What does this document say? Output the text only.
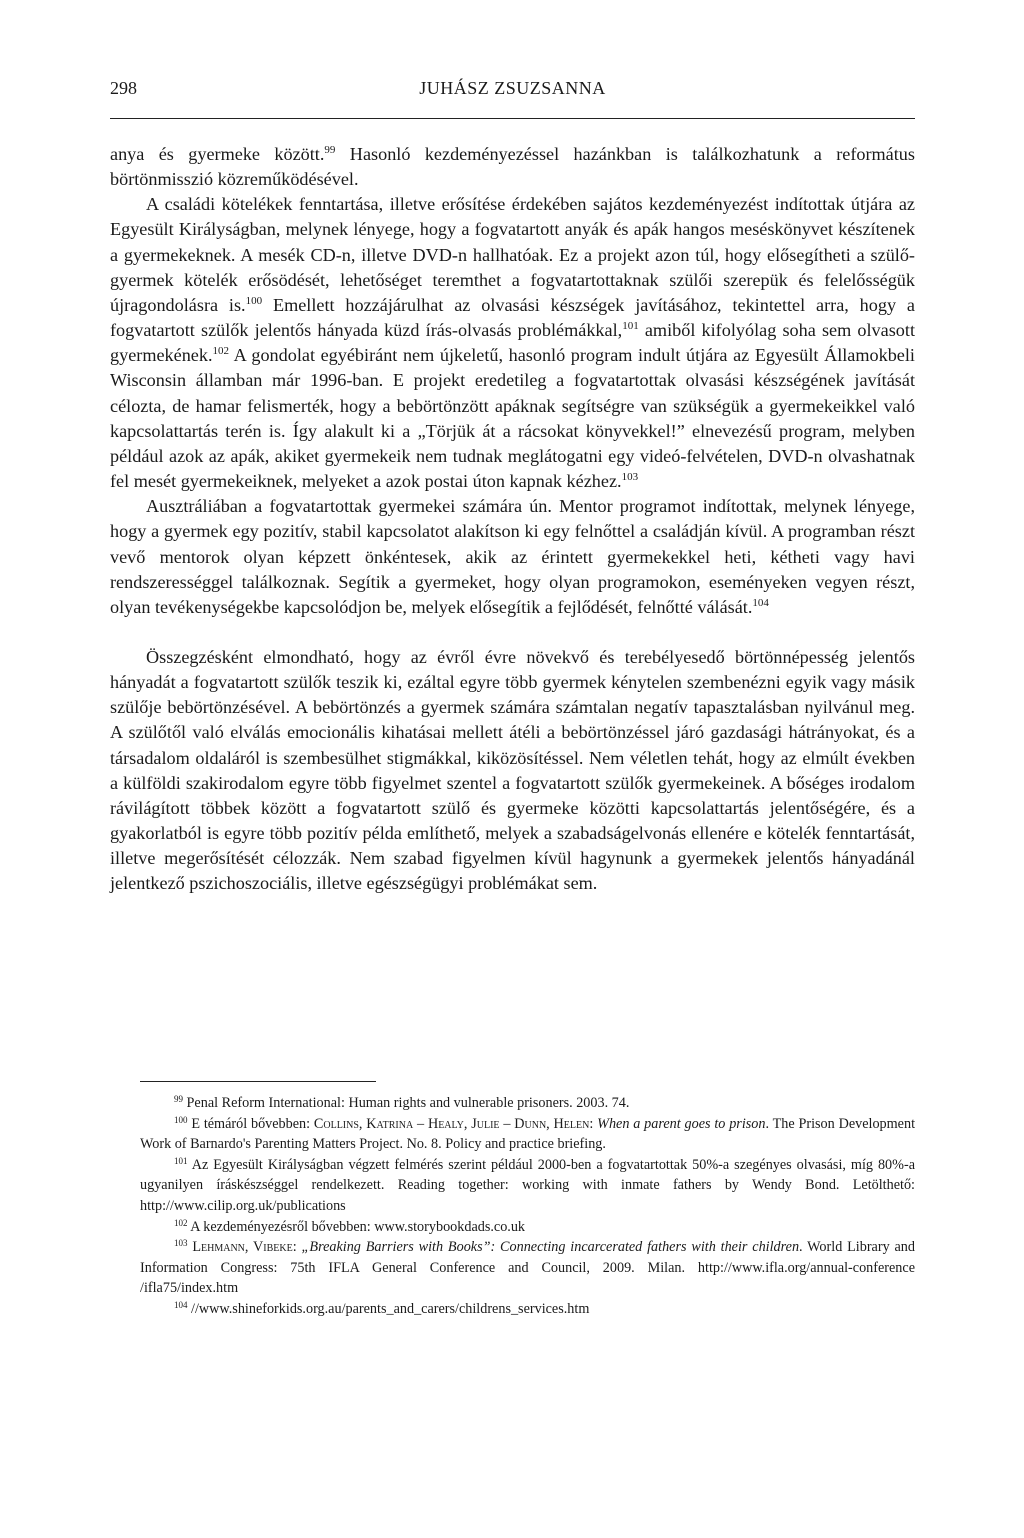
298	JUHÁSZ ZSUZSANNA

anya és gyermeke között.$^{99}$ Hasonló kezdeményezéssel hazánkban is találkozhatunk a református börtönmisszió közreműködésével.

A családi kötelékek fenntartása, illetve erősítése érdekében sajátos kezdeményezést indítottak útjára az Egyesült Királyságban, melynek lényege, hogy a fogvatartott anyák és apák hangos meséskönyvet készítenek a gyermekeknek. A mesék CD-n, illetve DVD-n hallhatóak. Ez a projekt azon túl, hogy elősegítheti a szülő-gyermek kötelék erősödését, lehetőséget teremthet a fogvatartottaknak szülői szerepük és felelősségük újragondolásra is.$^{100}$ Emellett hozzájárulhat az olvasási készségek javításához, tekintettel arra, hogy a fogvatartott szülők jelentős hányada küzd írás-olvasás problémákkal,$^{101}$ amiből kifolyólag soha sem olvasott gyermekének.$^{102}$ A gondolat egyébiránt nem újkeletű, hasonló program indult útjára az Egyesült Államokbeli Wisconsin államban már 1996-ban. E projekt eredetileg a fogvatartottak olvasási készségének javítását célozta, de hamar felismerték, hogy a bebörtönzött apáknak segítségre van szükségük a gyermekeikkel való kapcsolattartás terén is. Így alakult ki a „Törjük át a rácsokat könyvekkel!” elnevezésű program, melyben például azok az apák, akiket gyermekeik nem tudnak meglátogatni egy videó-felvételen, DVD-n olvashatnak fel mesét gyermekeiknek, melyeket a azok postai úton kapnak kézhez.$^{103}$

Ausztráliában a fogvatartottak gyermekei számára ún. Mentor programot indítottak, melynek lényege, hogy a gyermek egy pozitív, stabil kapcsolatot alakítson ki egy felnőttel a családján kívül. A programban részt vevő mentorok olyan képzett önkéntesek, akik az érintett gyermekekkel heti, kétheti vagy havi rendszerességgel találkoznak. Segítik a gyermeket, hogy olyan programokon, eseményeken vegyen részt, olyan tevékenységekbe kapcsolódjon be, melyek elősegítik a fejlődését, felnőtté válását.$^{104}$

Összegzésként elmondható, hogy az évről évre növekvő és terebélyesedő börtönnépesség jelentős hányadát a fogvatartott szülők teszik ki, ezáltal egyre több gyermek kénytelen szembenézni egyik vagy másik szülője bebörtönzésével. A bebörtönzés a gyermek számára számtalan negatív tapasztalásban nyilvánul meg. A szülőtől való elválás emocionális kihatásai mellett átéli a bebörtönzéssel járó gazdasági hátrányokat, és a társadalom oldaláról is szembesülhet stigmákkal, kiközösítéssel. Nem véletlen tehát, hogy az elmúlt években a külföldi szakirodalom egyre több figyelmet szentel a fogvatartott szülők gyermekeinek. A bőséges irodalom rávilágított többek között a fogvatartott szülő és gyermeke közötti kapcsolattartás jelentőségére, és a gyakorlatból is egyre több pozitív példa említhető, melyek a szabadságelvonás ellenére e kötelék fenntartását, illetve megerősítését célozzák. Nem szabad figyelmen kívül hagynunk a gyermekek jelentős hányadánál jelentkező pszichoszociális, illetve egészségügyi problémákat sem.

$^{99}$ Penal Reform International: Human rights and vulnerable prisoners. 2003. 74.

$^{100}$ E témáról bővebben: Collins, Katrina – Healy, Julie – Dunn, Helen: When a parent goes to prison. The Prison Development Work of Barnardo's Parenting Matters Project. No. 8. Policy and practice briefing.

$^{101}$ Az Egyesült Királyságban végzett felmérés szerint például 2000-ben a fogvatartottak 50%-a szegényes olvasási, míg 80%-a ugyanilyen íráskészséggel rendelkezett. Reading together: working with inmate fathers by Wendy Bond. Letölthető: http://www.cilip.org.uk/publications

$^{102}$ A kezdeményezésről bővebben: www.storybookdads.co.uk

$^{103}$ Lehmann, Vibeke: „Breaking Barriers with Books”: Connecting incarcerated fathers with their children. World Library and Information Congress: 75th IFLA General Conference and Council, 2009. Milan. http://www.ifla.org/annual-conference /ifla75/index.htm

$^{104}$ //www.shineforkids.org.au/parents_and_carers/childrens_services.htm
